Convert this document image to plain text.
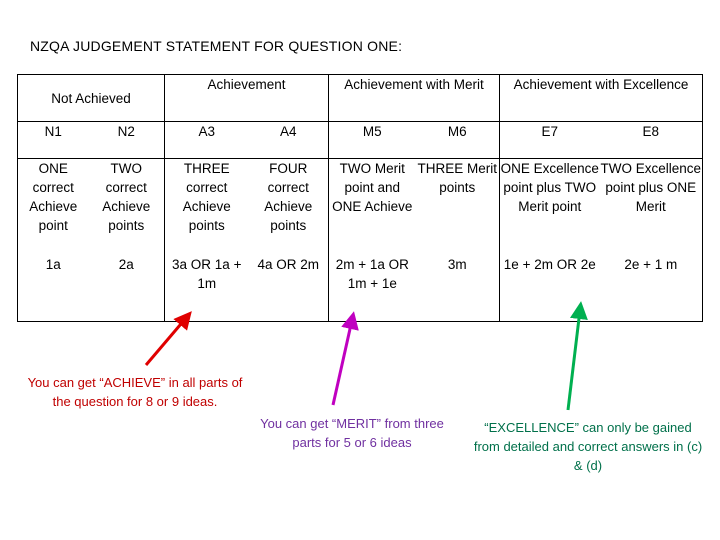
NZQA JUDGEMENT STATEMENT FOR QUESTION ONE:
Not Achieved		Achievement		Achievement with Merit		Achievement with Excellence	
N1	N2	A3	A4	M5	M6	E7	E8
ONE correct Achieve point	TWO correct Achieve points	THREE correct Achieve points	FOUR correct Achieve points	TWO Merit point and ONE Achieve	THREE Merit points	ONE Excellence point plus TWO Merit point	TWO Excellence point plus ONE Merit
1a	2a	3a OR 1a + 1m	4a OR 2m	2m + 1a OR 1m + 1e	3m	1e + 2m OR 2e	2e + 1 m
You can get “ACHIEVE” in all parts of the question for 8 or 9 ideas.
You can get “MERIT” from three parts for 5 or 6 ideas
“EXCELLENCE” can only be gained from detailed and correct answers in (c) & (d)
